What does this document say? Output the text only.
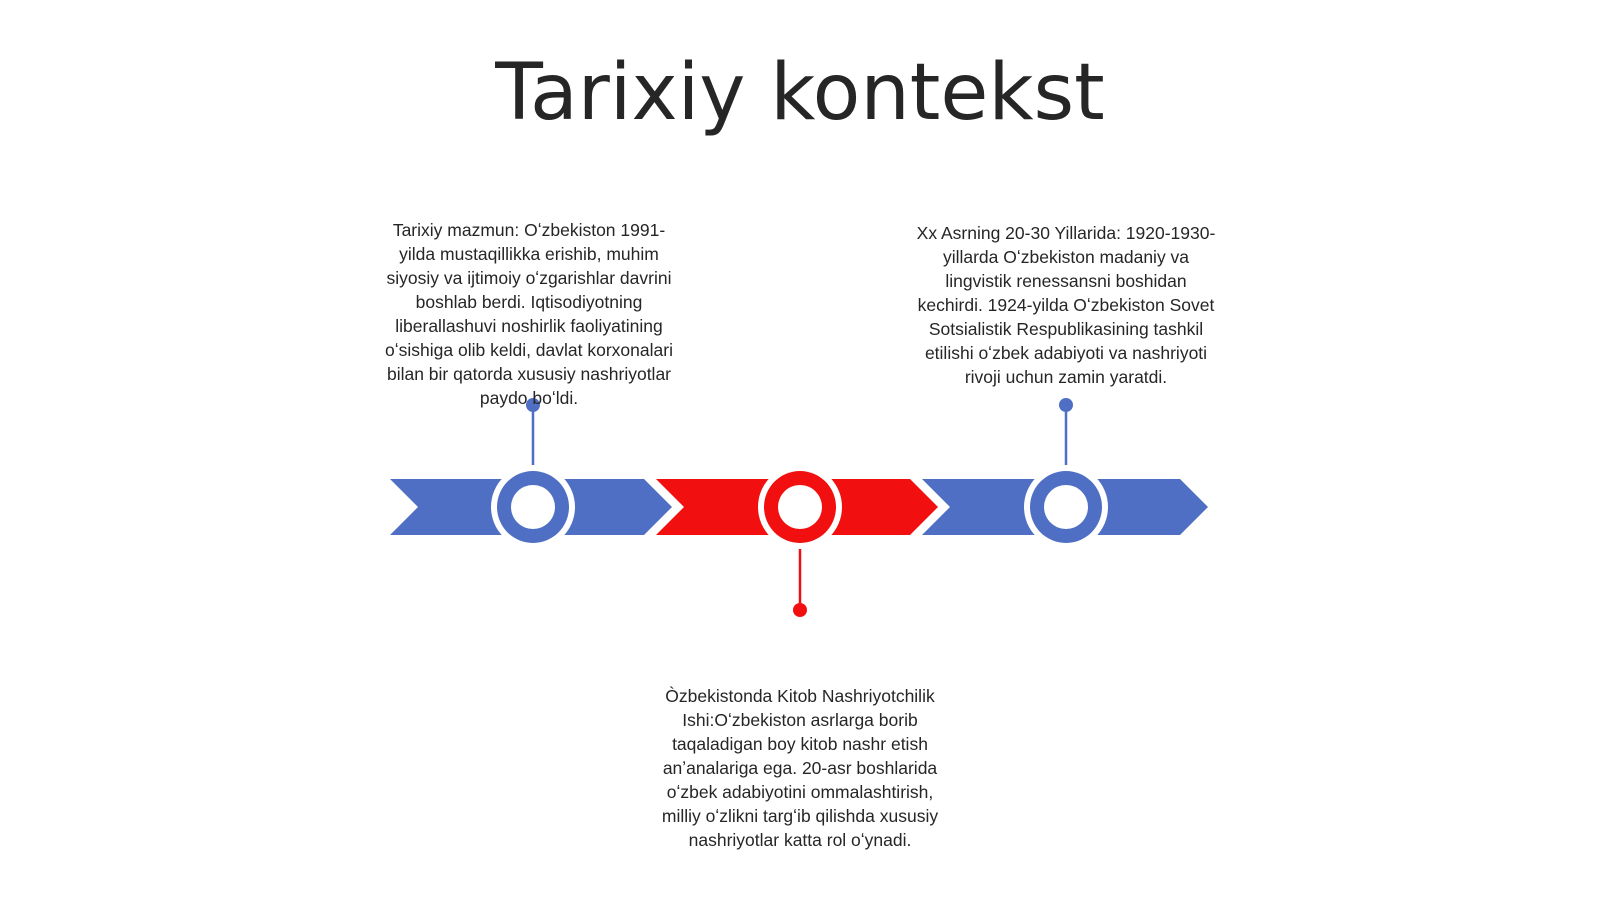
Tarixiy kontekst
Tarixiy mazmun: Oʻzbekiston 1991-yilda mustaqillikka erishib, muhim siyosiy va ijtimoiy oʻzgarishlar davrini boshlab berdi. Iqtisodiyotning liberallashuvi noshirlik faoliyatining oʻsishiga olib keldi, davlat korxonalari bilan bir qatorda xususiy nashriyotlar paydo boʻldi.
Xx Asrning 20-30 Yillarida: 1920-1930-yillarda Oʻzbekiston madaniy va lingvistik renessansni boshidan kechirdi. 1924-yilda Oʻzbekiston Sovet Sotsialistik Respublikasining tashkil etilishi oʻzbek adabiyoti va nashriyoti rivoji uchun zamin yaratdi.
Òzbekistonda Kitob Nashriyotchilik Ishi:Oʻzbekiston asrlarga borib taqaladigan boy kitob nashr etish anʼanalariga ega. 20-asr boshlarida oʻzbek adabiyotini ommalashtirish, milliy oʻzlikni targʻib qilishda xususiy nashriyotlar katta rol oʻynadi.
